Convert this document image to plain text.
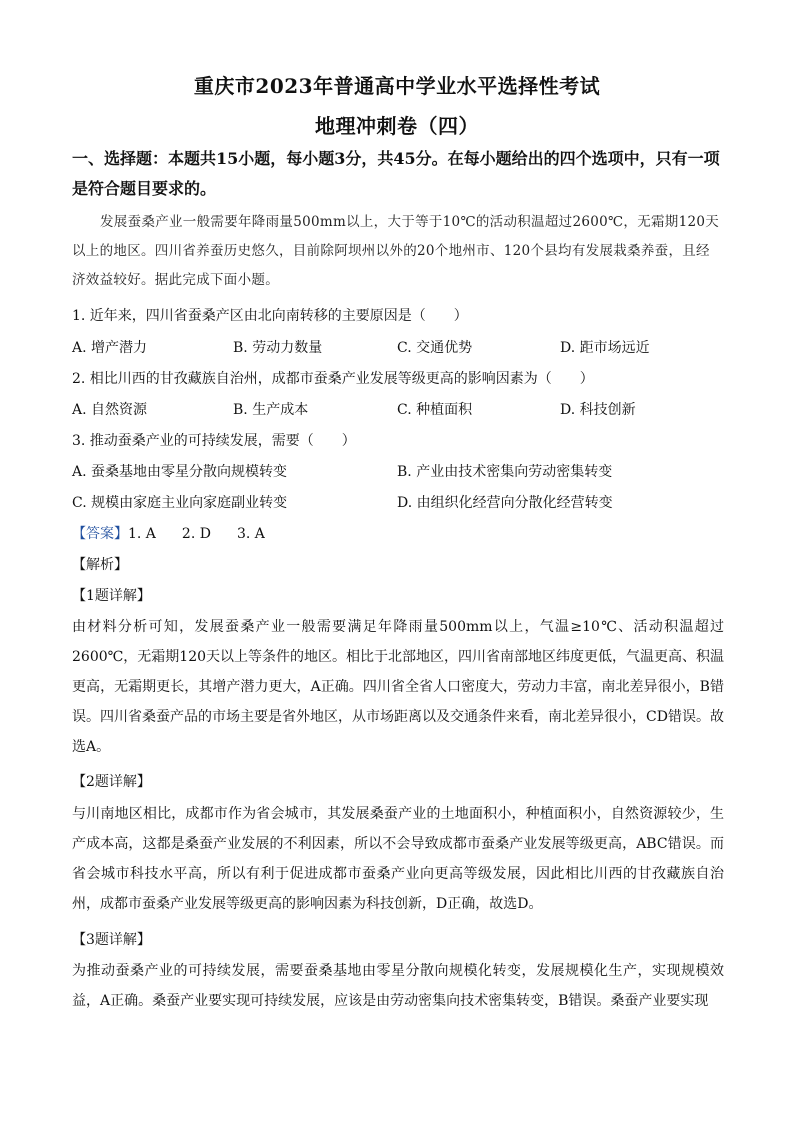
重庆市2023年普通高中学业水平选择性考试
地理冲刺卷（四）
一、选择题：本题共15小题，每小题3分，共45分。在每小题给出的四个选项中，只有一项是符合题目要求的。
发展蚕桑产业一般需要年降雨量500mm以上，大于等于10℃的活动积温超过2600℃，无霜期120天以上的地区。四川省养蚕历史悠久，目前除阿坝州以外的20个地州市、120个县均有发展栽桑养蚕，且经济效益较好。据此完成下面小题。
1. 近年来，四川省蚕桑产区由北向南转移的主要原因是（　　）
A. 增产潜力	B. 劳动力数量	C. 交通优势	D. 距市场远近
2. 相比川西的甘孜藏族自治州，成都市蚕桑产业发展等级更高的影响因素为（　　）
A. 自然资源	B. 生产成本	C. 种植面积	D. 科技创新
3. 推动蚕桑产业的可持续发展，需要（　　）
A. 蚕桑基地由零星分散向规模转变	B. 产业由技术密集向劳动密集转变
C. 规模由家庭主业向家庭副业转变	D. 由组织化经营向分散化经营转变
【答案】1. A 2. D 3. A
【解析】
【1题详解】
由材料分析可知，发展蚕桑产业一般需要满足年降雨量500mm以上，气温≥10℃、活动积温超过2600℃，无霜期120天以上等条件的地区。相比于北部地区，四川省南部地区纬度更低，气温更高、积温更高，无霜期更长，其增产潜力更大，A正确。四川省全省人口密度大，劳动力丰富，南北差异很小，B错误。四川省桑蚕产品的市场主要是省外地区，从市场距离以及交通条件来看，南北差异很小，CD错误。故选A。
【2题详解】
与川南地区相比，成都市作为省会城市，其发展桑蚕产业的土地面积小，种植面积小，自然资源较少，生产成本高，这都是桑蚕产业发展的不利因素，所以不会导致成都市蚕桑产业发展等级更高，ABC错误。而省会城市科技水平高，所以有利于促进成都市蚕桑产业向更高等级发展，因此相比川西的甘孜藏族自治州，成都市蚕桑产业发展等级更高的影响因素为科技创新，D正确，故选D。
【3题详解】
为推动蚕桑产业的可持续发展，需要蚕桑基地由零星分散向规模化转变，发展规模化生产，实现规模效益，A正确。桑蚕产业要实现可持续发展，应该是由劳动密集向技术密集转变，B错误。桑蚕产业要实现
